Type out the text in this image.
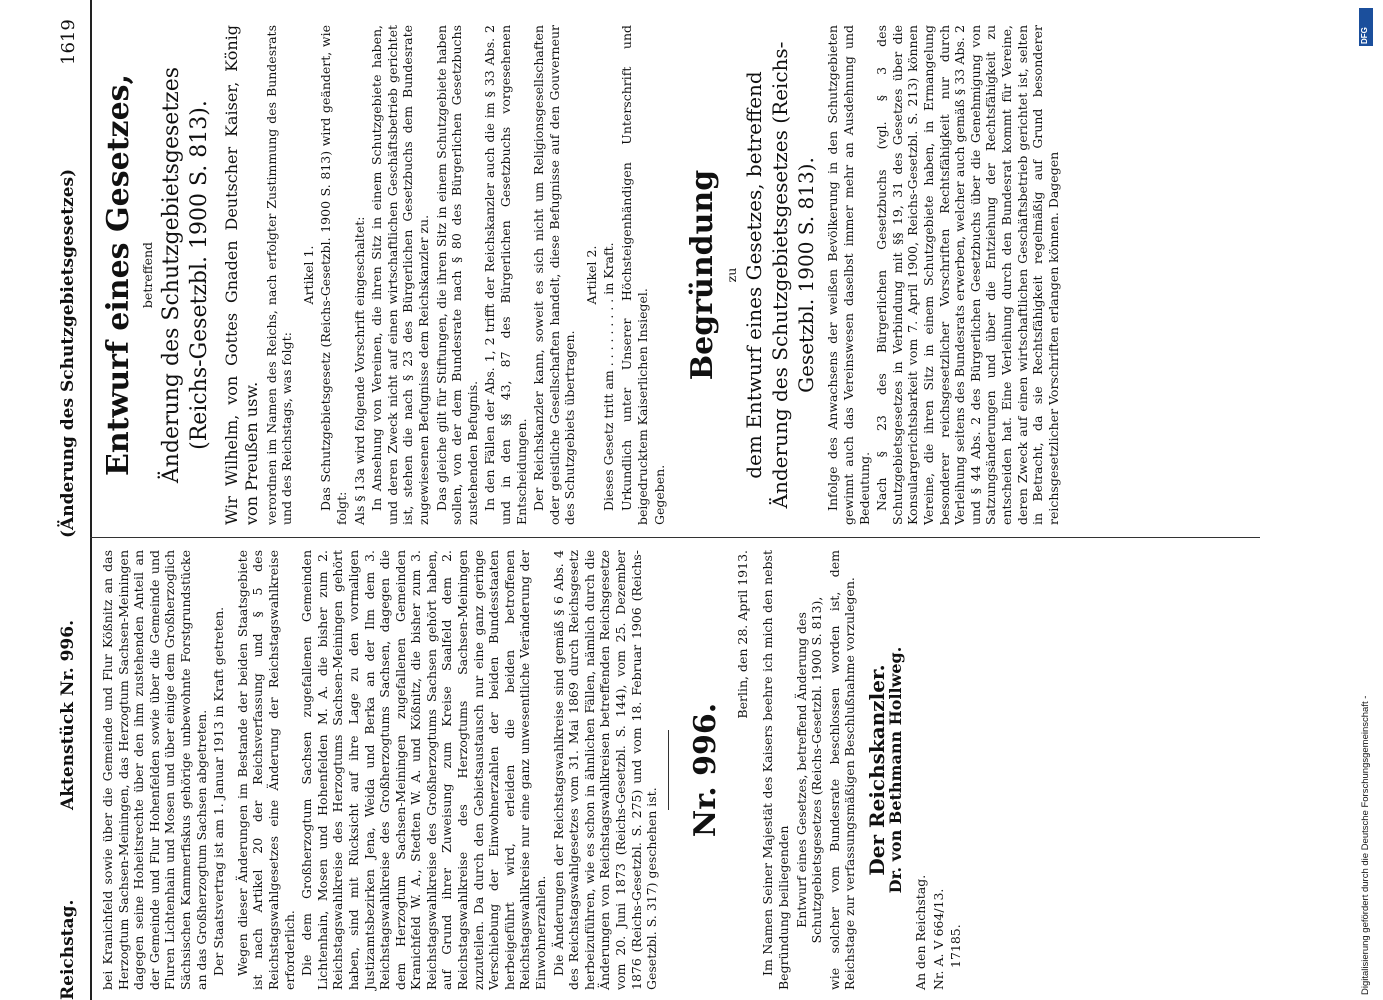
Reichstag.
Aktenstück Nr. 996.
(Änderung des Schutzgebietsgesetzes)
1619

bei Kranichfeld sowie über die Gemeinde und Flur Kößnitz an das Herzogtum Sachsen-Meiningen, das Herzogtum Sachsen-Meiningen dagegen seine Hoheitsrechte über den ihm zustehenden Anteil an der Gemeinde und Flur Hohenfelden sowie über die Gemeinde und Fluren Lichtenhain und Mosen und über einige dem Großherzoglich Sächsischen Kammerfiskus gehörige unbewohnte Forstgrundstücke an das Großherzogtum Sachsen abgetreten. Der Staatsvertrag ist am 1. Januar 1913 in Kraft getreten. Wegen dieser Änderungen im Bestande der beiden Staatsgebiete ist nach Artikel 20 der Reichsverfassung und § 5 des Reichstagswahlgesetzes eine Änderung der Reichstagswahlkreise erforderlich. Die dem Großherzogtum Sachsen zugefallenen Gemeinden Lichtenhain, Mosen und Hohenfelden M. A. die bisher zum 2. Reichstagswahlkreise des Herzogtums Sachsen-Meiningen gehört haben, sind mit Rücksicht auf ihre Lage zu den vormaligen Justizamtsbezirken Jena, Weida und Berka an der Ilm dem 3. Reichstagswahlkreise des Großherzogtums Sachsen, dagegen die dem Herzogtum Sachsen-Meiningen zugefallenen Gemeinden Kranichfeld W. A., Stedten W. A. und Kößnitz, die bisher zum 3. Reichstagswahlkreise des Großherzogtums Sachsen gehört haben, auf Grund ihrer Zuweisung zum Kreise Saalfeld dem 2. Reichstagswahlkreise des Herzogtums Sachsen-Meiningen zuzuteilen. Da durch den Gebietsaustausch nur eine ganz geringe Verschiebung der Einwohnerzahlen der beiden Bundesstaaten herbeigeführt wird, erleiden die beiden betroffenen Reichstagswahlkreise nur eine ganz unwesentliche Veränderung der Einwohnerzahlen. Die Änderungen der Reichstagswahlkreise sind gemäß § 6 Abs. 4 des Reichstagswahlgesetzes vom 31. Mai 1869 durch Reichsgesetz herbeizuführen, wie es schon in ähnlichen Fällen, nämlich durch die Änderungen von Reichstagswahlkreisen betreffenden Reichsgesetze vom 20. Juni 1873 (Reichs-Gesetzbl. S. 144), vom 25. Dezember 1876 (Reichs-Gesetzbl. S. 275) und vom 18. Februar 1906 (Reichs-Gesetzbl. S. 317) geschehen ist.

Nr. 996.

Berlin, den 28. April 1913. Im Namen Seiner Majestät des Kaisers beehre ich mich den nebst Begründung beiliegenden Entwurf eines Gesetzes, betreffend Änderung des Schutzgebietsgesetzes (Reichs-Gesetzbl. 1900 S. 813), wie solcher vom Bundesrate beschlossen worden ist, dem Reichstage zur verfassungsmäßigen Beschlußnahme vorzulegen. Der Reichskanzler.

Dr. von Bethmann Hollweg.

An den Reichstag. Nr. A. V 664/13. 17185.

Entwurf eines Gesetzes, betreffend Änderung des Schutzgebietsgesetzes (Reichs-Gesetzbl. 1900 S. 813). Wir Wilhelm, von Gottes Gnaden Deutscher Kaiser, König von Preußen usw. verordnen im Namen des Reichs, nach erfolgter Zustimmung des Bundesrats und des Reichstags, was folgt:

Artikel 1. Das Schutzgebietsgesetz (Reichs-Gesetzbl. 1900 S. 813) wird geändert, wie folgt: Als § 13a wird folgende Vorschrift eingeschaltet: In Ansehung von Vereinen, die ihren Sitz in einem Schutzgebiete haben, und deren Zweck nicht auf einen wirtschaftlichen Geschäftsbetrieb gerichtet ist, stehen die nach § 23 des Bürgerlichen Gesetzbuchs dem Bundesrate zugewiesenen Befugnisse dem Reichskanzler zu. Das gleiche gilt für Stiftungen, die ihren Sitz in einem Schutzgebiete haben sollen, von der dem Bundesrate nach § 80 des Bürgerlichen Gesetzbuchs zustehenden Befugnis. In den Fällen der Abs. 1, 2 trifft der Reichskanzler auch die im § 33 Abs. 2 und in den §§ 43, 87 des Bürgerlichen Gesetzbuchs vorgesehenen Entscheidungen. Der Reichskanzler kann, soweit es sich nicht um Religionsgesellschaften oder geistliche Gesellschaften handelt, diese Befugnisse auf den Gouverneur des Schutzgebiets übertragen.

Artikel 2. Dieses Gesetz tritt am . . . . . . . . . in Kraft. Urkundlich unter Unserer Höchsteigenhändigen Unterschrift und beigedrucktem Kaiserlichen Insiegel. Gegeben.

Begründung zu dem Entwurf eines Gesetzes, betreffend Änderung des Schutzgebietsgesetzes (Reichs-Gesetzbl. 1900 S. 813). Infolge des Anwachsens der weißen Bevölkerung in den Schutzgebieten gewinnt auch das Vereinswesen daselbst immer mehr an Ausdehnung und Bedeutung. Nach § 23 des Bürgerlichen Gesetzbuchs (vgl. § 3 des Schutzgebietsgesetzes in Verbindung mit §§ 19, 31 des Gesetzes über die Konsulargerichtsbarkeit vom 7. April 1900, Reichs-Gesetzbl. S. 213) können Vereine, die ihren Sitz in einem Schutzgebiete haben, in Ermangelung besonderer reichsgesetzlicher Vorschriften Rechtsfähigkeit nur durch Verleihung seitens des Bundesrats erwerben, welcher auch gemäß § 33 Abs. 2 und § 44 Abs. 2 des Bürgerlichen Gesetzbuchs über die Genehmigung von Satzungsänderungen und über die Entziehung der Rechtsfähigkeit zu entscheiden hat. Eine Verleihung durch den Bundesrat kommt für Vereine, deren Zweck auf einen wirtschaftlichen Geschäftsbetrieb gerichtet ist, selten in Betracht, da sie Rechtsfähigkeit regelmäßig auf Grund besonderer reichsgesetzlicher Vorschriften erlangen können. Dagegen

DFG
Digitalisierung gefördert durch die Deutsche Forschungsgemeinschaft -
